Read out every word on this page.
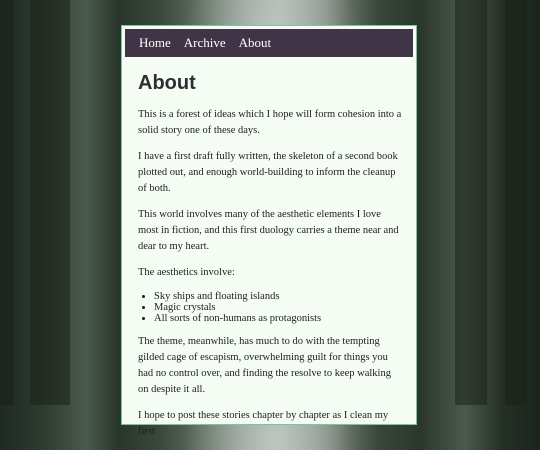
Home Archive About
About

This is a forest of ideas which I hope will form cohesion into a solid story one of these days.

I have a first draft fully written, the skeleton of a second book plotted out, and enough world-building to inform the cleanup of both.

This world involves many of the aesthetic elements I love most in fiction, and this first duology carries a theme near and dear to my heart.

The aesthetics involve:

• Sky ships and floating islands
• Magic crystals
• All sorts of non-humans as protagonists

The theme, meanwhile, has much to do with the tempting gilded cage of escapism, overwhelming guilt for things you had no control over, and finding the resolve to keep walking on despite it all.

I hope to post these stories chapter by chapter as I clean my first
